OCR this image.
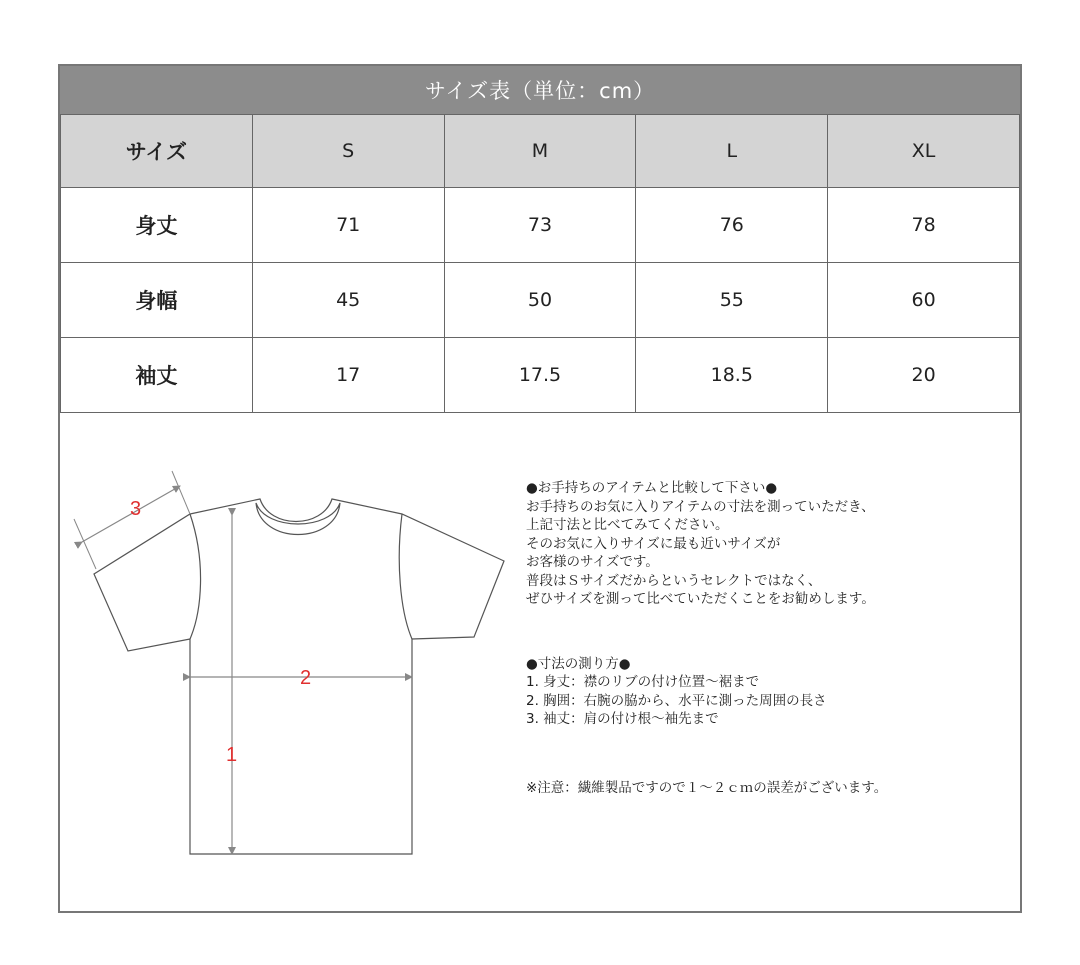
サイズ表（単位：cm）
サイズ	S	M	L	XL
身丈	71	73	76	78
身幅	45	50	55	60
袖丈	17	17.5	18.5	20
3
2
1
●お手持ちのアイテムと比較して下さい●
お手持ちのお気に入りアイテムの寸法を測っていただき、
上記寸法と比べてみてください。
そのお気に入りサイズに最も近いサイズが
お客様のサイズです。
普段はＳサイズだからというセレクトではなく、
ぜひサイズを測って比べていただくことをお勧めします。
●寸法の測り方●
1. 身丈：襟のリブの付け位置～裾まで
2. 胸囲：右腕の脇から、水平に測った周囲の長さ
3. 袖丈：肩の付け根～袖先まで
※注意：繊維製品ですので１～２ｃｍの誤差がございます。
